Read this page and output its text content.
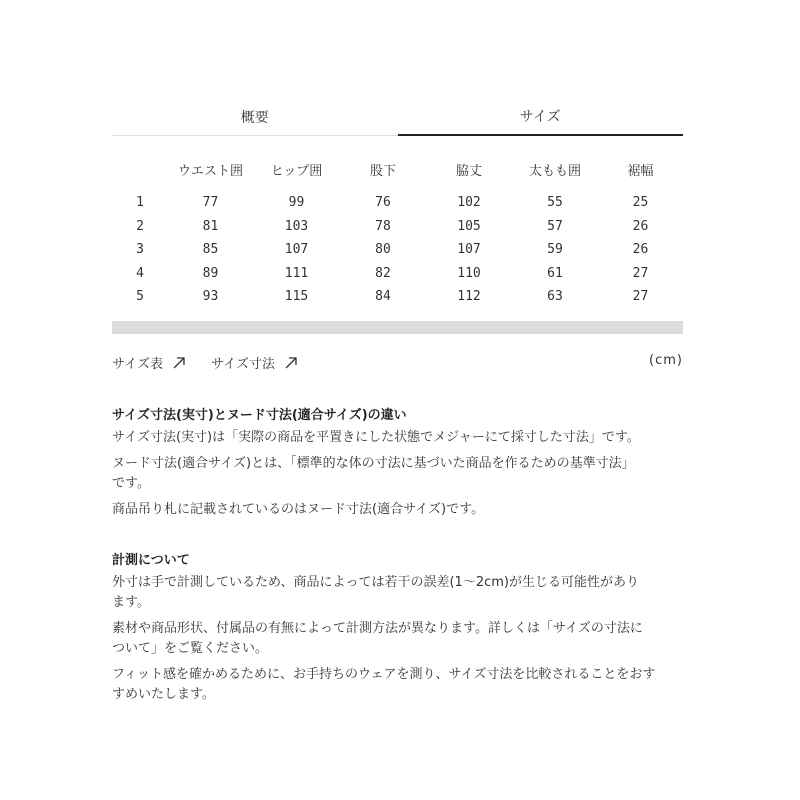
概要	サイズ
	ウエスト囲	ヒップ囲	股下	脇丈	太もも囲	裾幅
1	77	99	76	102	55	25
2	81	103	78	105	57	26
3	85	107	80	107	59	26
4	89	111	82	110	61	27
5	93	115	84	112	63	27
サイズ表	サイズ寸法	(cm)
サイズ寸法(実寸)とヌード寸法(適合サイズ)の違い
サイズ寸法(実寸)は「実際の商品を平置きにした状態でメジャーにて採寸した寸法」です。
ヌード寸法(適合サイズ)とは、「標準的な体の寸法に基づいた商品を作るための基準寸法」
です。
商品吊り札に記載されているのはヌード寸法(適合サイズ)です。
計測について
外寸は手で計測しているため、商品によっては若干の誤差(1〜2cm)が生じる可能性があり
ます。
素材や商品形状、付属品の有無によって計測方法が異なります。詳しくは「サイズの寸法に
ついて」をご覧ください。
フィット感を確かめるために、お手持ちのウェアを測り、サイズ寸法を比較されることをおす
すめいたします。
